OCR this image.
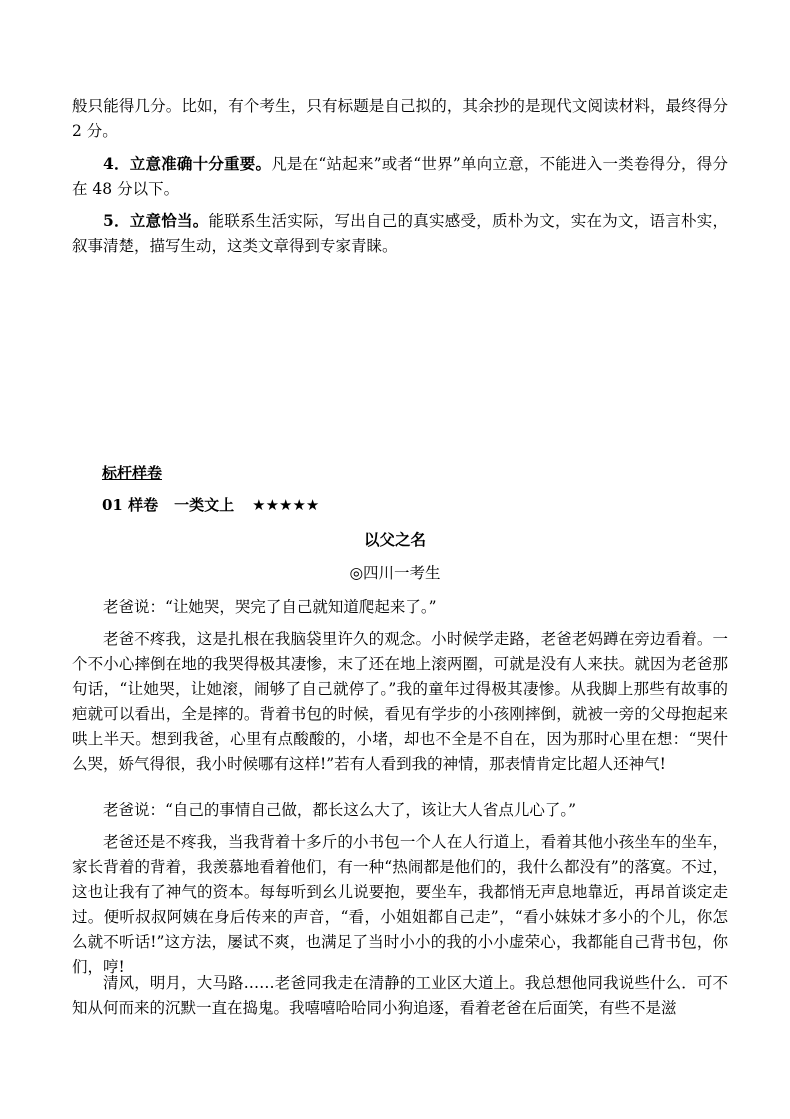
般只能得几分。比如，有个考生，只有标题是自己拟的，其余抄的是现代文阅读材料，最终得分 2 分。

4．立意准确十分重要。凡是在“站起来”或者“世界”单向立意，不能进入一类卷得分，得分在 48 分以下。

5．立意恰当。能联系生活实际，写出自己的真实感受，质朴为文，实在为文，语言朴实，叙事清楚，描写生动，这类文章得到专家青睐。

标杆样卷

01 样卷 一类文上 ★★★★★

以父之名

◎四川一考生

老爸说：“让她哭，哭完了自己就知道爬起来了。”

老爸不疼我，这是扎根在我脑袋里许久的观念。小时候学走路，老爸老妈蹲在旁边看着。一个不小心摔倒在地的我哭得极其凄惨，末了还在地上滚两圈，可就是没有人来扶。就因为老爸那句话，“让她哭，让她滚，闹够了自己就停了。”我的童年过得极其凄惨。从我脚上那些有故事的疤就可以看出，全是摔的。背着书包的时候，看见有学步的小孩刚摔倒，就被一旁的父母抱起来哄上半天。想到我爸，心里有点酸酸的，小堵，却也不全是不自在，因为那时心里在想：“哭什么哭，娇气得很，我小时候哪有这样!”若有人看到我的神情，那表情肯定比超人还神气!

老爸说：“自己的事情自己做，都长这么大了，该让大人省点儿心了。”

老爸还是不疼我，当我背着十多斤的小书包一个人在人行道上，看着其他小孩坐车的坐车，家长背着的背着，我羡慕地看着他们，有一种“热闹都是他们的，我什么都没有”的落寞。不过，这也让我有了神气的资本。每每听到幺儿说要抱，要坐车，我都悄无声息地靠近，再昂首谈定走过。便听叔叔阿姨在身后传来的声音，“看，小姐姐都自己走”，“看小妹妹才多小的个儿，你怎么就不听话!”这方法，屡试不爽，也满足了当时小小的我的小小虚荣心，我都能自己背书包，你们，哼!

清风，明月，大马路……老爸同我走在清静的工业区大道上。我总想他同我说些什么．可不知从何而来的沉默一直在捣鬼。我嘻嘻哈哈同小狗追逐，看着老爸在后面笑，有些不是滋
